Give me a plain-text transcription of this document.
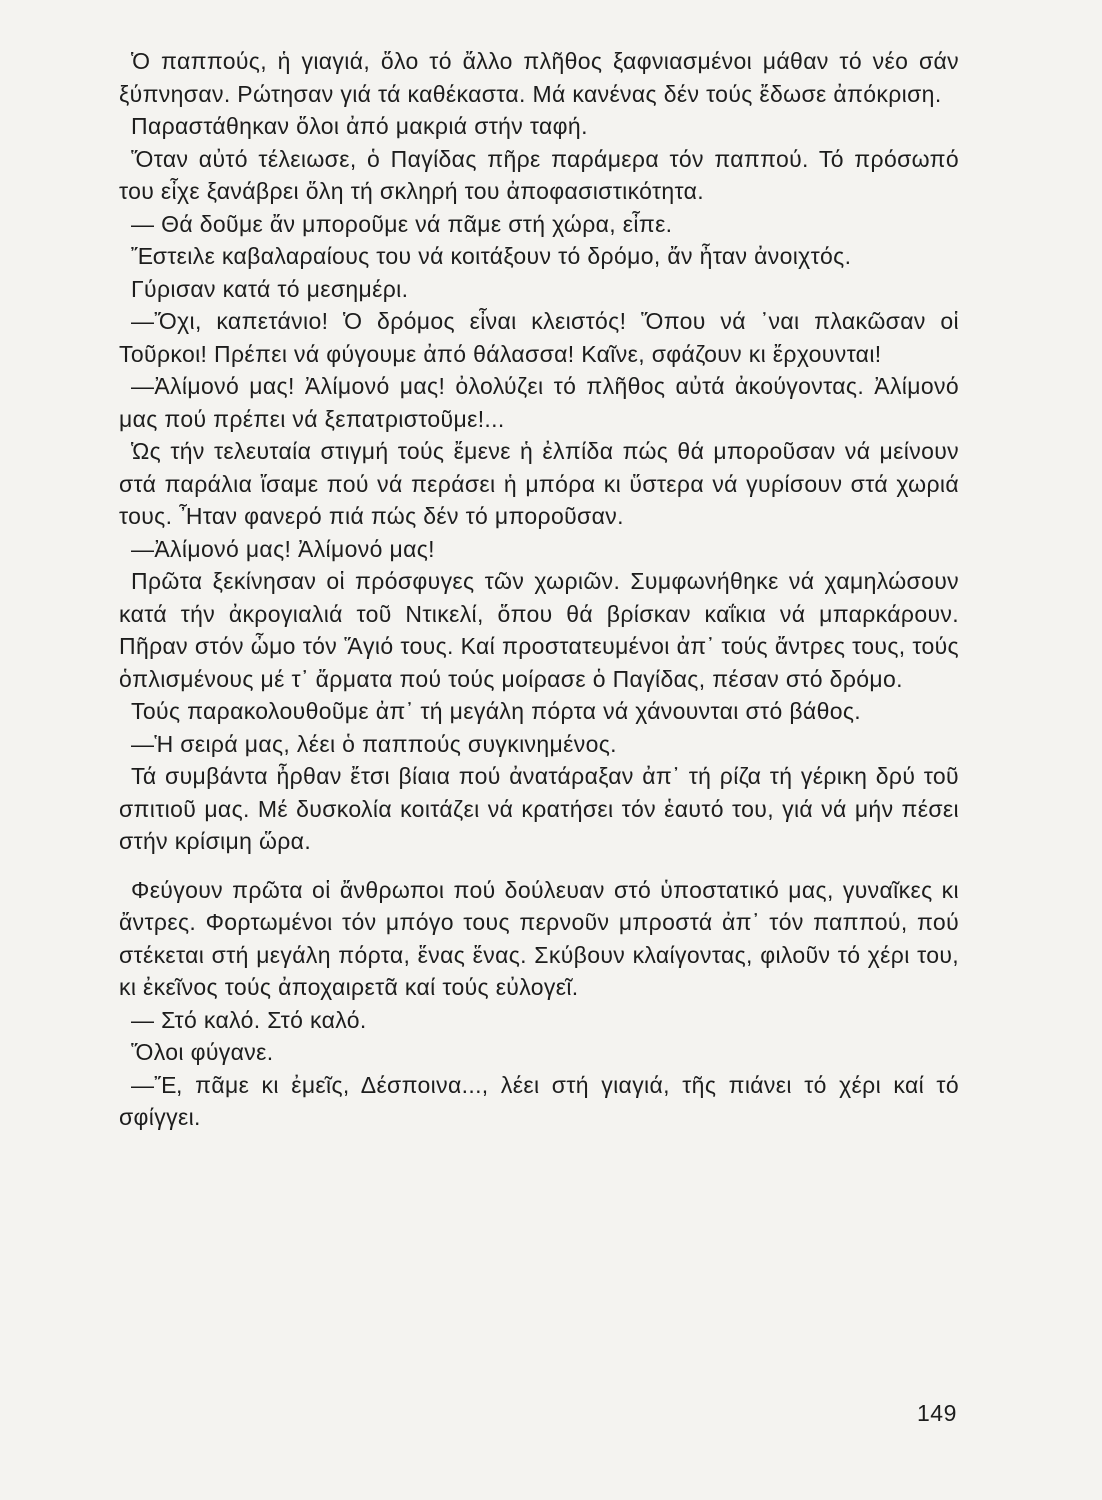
Ὁ παππούς, ἡ γιαγιά, ὅλο τό ἄλλο πλῆθος ξαφνιασμένοι μάθαν τό νέο σάν ξύπνησαν. Ρώτησαν γιά τά καθέκαστα. Μά κανένας δέν τούς ἔδωσε ἀπόκριση.

Παραστάθηκαν ὅλοι ἀπό μακριά στήν ταφή.

Ὅταν αὐτό τέλειωσε, ὁ Παγίδας πῆρε παράμερα τόν παππού. Τό πρόσωπό του εἶχε ξανάβρει ὅλη τή σκληρή του ἀποφασιστικότητα.

— Θά δοῦμε ἄν μποροῦμε νά πᾶμε στή χώρα, εἶπε.

Ἔστειλε καβαλαραίους του νά κοιτάξουν τό δρόμο, ἄν ἦταν ἀνοιχτός.

Γύρισαν κατά τό μεσημέρι.

—Ὄχι, καπετάνιο! Ὁ δρόμος εἶναι κλειστός! Ὅπου νά ᾽ναι πλακῶσαν οἱ Τοῦρκοι! Πρέπει νά φύγουμε ἀπό θάλασσα! Καῖνε, σφάζουν κι ἔρχουνται!

—Ἀλίμονό μας! Ἀλίμονό μας! ὀλολύζει τό πλῆθος αὐτά ἀκούγοντας. Ἀλίμονό μας πού πρέπει νά ξεπατριστοῦμε!...

Ὡς τήν τελευταία στιγμή τούς ἔμενε ἡ ἐλπίδα πώς θά μποροῦσαν νά μείνουν στά παράλια ἴσαμε πού νά περάσει ἡ μπόρα κι ὕστερα νά γυρίσουν στά χωριά τους. Ἦταν φανερό πιά πώς δέν τό μποροῦσαν.

—Ἀλίμονό μας! Ἀλίμονό μας!

Πρῶτα ξεκίνησαν οἱ πρόσφυγες τῶν χωριῶν. Συμφωνήθηκε νά χαμηλώσουν κατά τήν ἀκρογιαλιά τοῦ Ντικελί, ὅπου θά βρίσκαν καΐκια νά μπαρκάρουν. Πῆραν στόν ὦμο τόν Ἅγιό τους. Καί προστατευμένοι ἀπ᾽ τούς ἄντρες τους, τούς ὁπλισμένους μέ τ᾽ ἄρματα πού τούς μοίρασε ὁ Παγίδας, πέσαν στό δρόμο.

Τούς παρακολουθοῦμε ἀπ᾽ τή μεγάλη πόρτα νά χάνουνται στό βάθος.

—Ἡ σειρά μας, λέει ὁ παππούς συγκινημένος.

Τά συμβάντα ἦρθαν ἔτσι βίαια πού ἀνατάραξαν ἀπ᾽ τή ρίζα τή γέρικη δρύ τοῦ σπιτιοῦ μας. Μέ δυσκολία κοιτάζει νά κρατήσει τόν ἑαυτό του, γιά νά μήν πέσει στήν κρίσιμη ὥρα.

Φεύγουν πρῶτα οἱ ἄνθρωποι πού δούλευαν στό ὑποστατικό μας, γυναῖκες κι ἄντρες. Φορτωμένοι τόν μπόγο τους περνοῦν μπροστά ἀπ᾽ τόν παππού, πού στέκεται στή μεγάλη πόρτα, ἕνας ἕνας. Σκύβουν κλαίγοντας, φιλοῦν τό χέρι του, κι ἐκεῖνος τούς ἀποχαιρετᾶ καί τούς εὐλογεῖ.

— Στό καλό. Στό καλό.

Ὅλοι φύγανε.

—Ἔ, πᾶμε κι ἐμεῖς, Δέσποινα..., λέει στή γιαγιά, τῆς πιάνει τό χέρι καί τό σφίγγει.

149
